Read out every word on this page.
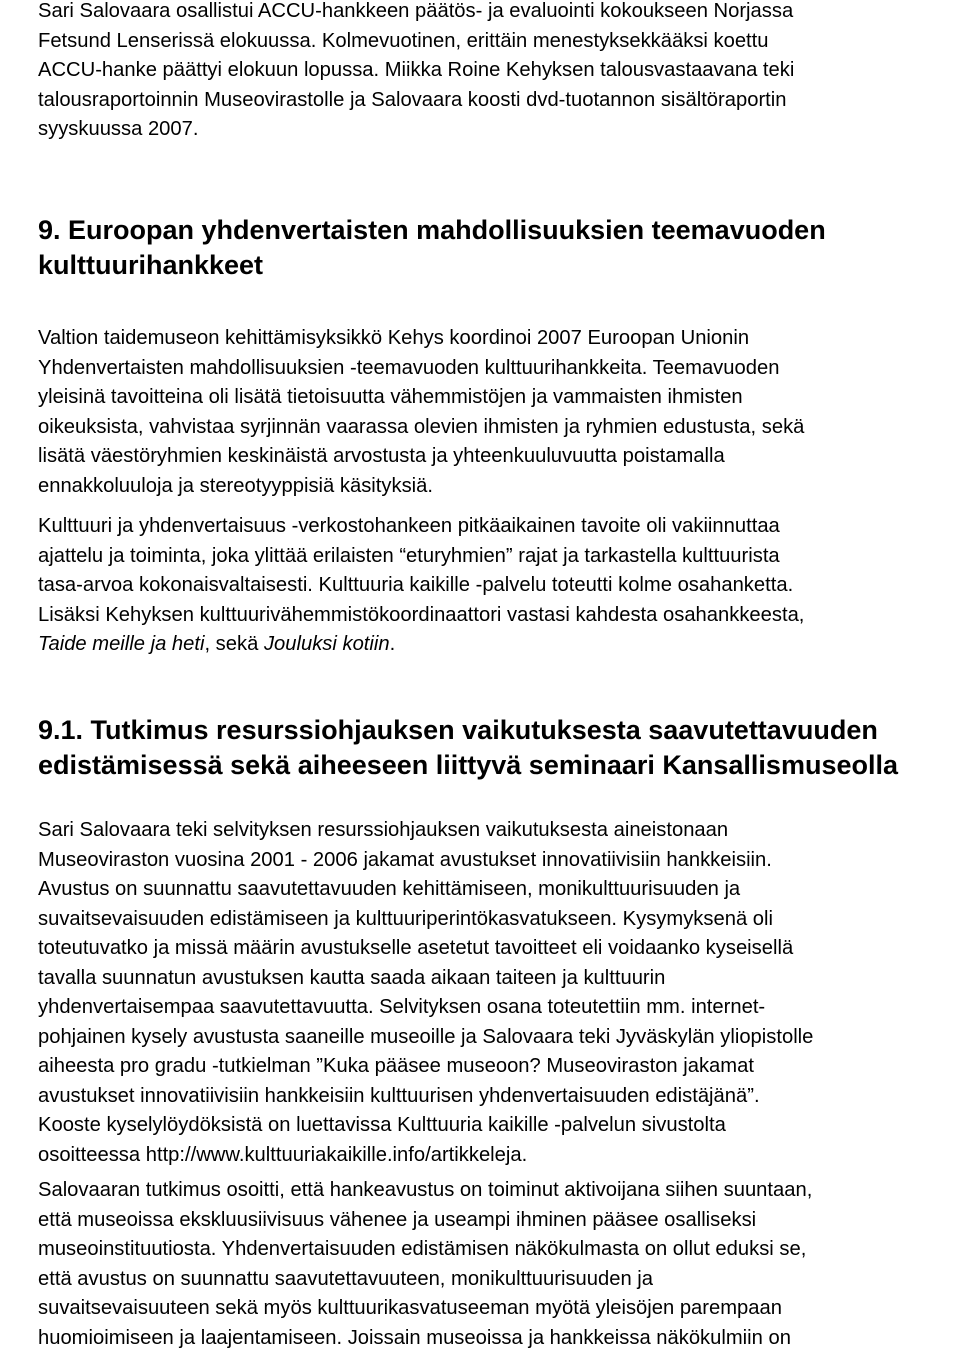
Sari Salovaara osallistui ACCU-hankkeen päätös- ja evaluointi kokoukseen Norjassa
Fetsund Lenserissä elokuussa. Kolmevuotinen, erittäin menestyksekkääksi koettu
ACCU-hanke päättyi elokuun lopussa. Miikka Roine Kehyksen talousvastaavana teki
talousraportoinnin Museovirastolle ja Salovaara koosti dvd-tuotannon sisältöraportin
syyskuussa 2007.

9. Euroopan yhdenvertaisten mahdollisuuksien teemavuoden
kulttuurihankkeet

Valtion taidemuseon kehittämisyksikkö Kehys koordinoi 2007 Euroopan Unionin
Yhdenvertaisten mahdollisuuksien -teemavuoden kulttuurihankkeita. Teemavuoden
yleisinä tavoitteina oli lisätä tietoisuutta vähemmistöjen ja vammaisten ihmisten
oikeuksista, vahvistaa syrjinnän vaarassa olevien ihmisten ja ryhmien edustusta, sekä
lisätä väestöryhmien keskinäistä arvostusta ja yhteenkuuluvuutta poistamalla
ennakkoluuloja ja stereotyyppisiä käsityksiä.

Kulttuuri ja yhdenvertaisuus -verkostohankeen pitkäaikainen tavoite oli vakiinnuttaa
ajattelu ja toiminta, joka ylittää erilaisten “eturyhmien” rajat ja tarkastella kulttuurista
tasa-arvoa kokonaisvaltaisesti. Kulttuuria kaikille -palvelu toteutti kolme osahanketta.
Lisäksi Kehyksen kulttuurivähemmistökoordinaattori vastasi kahdesta osahankkeesta,
Taide meille ja heti, sekä Jouluksi kotiin.

9.1. Tutkimus resurssiohjauksen vaikutuksesta saavutettavuuden
edistämisessä sekä aiheeseen liittyvä seminaari Kansallismuseolla

Sari Salovaara teki selvityksen resurssiohjauksen vaikutuksesta aineistonaan
Museoviraston vuosina 2001 - 2006 jakamat avustukset innovatiivisiin hankkeisiin.
Avustus on suunnattu saavutettavuuden kehittämiseen, monikulttuurisuuden ja
suvaitsevaisuuden edistämiseen ja kulttuuriperintökasvatukseen. Kysymyksenä oli
toteutuvatko ja missä määrin avustukselle asetetut tavoitteet eli voidaanko kyseisellä
tavalla suunnatun avustuksen kautta saada aikaan taiteen ja kulttuurin
yhdenvertaisempaa saavutettavuutta. Selvityksen osana toteutettiin mm. internet-
pohjainen kysely avustusta saaneille museoille ja Salovaara teki Jyväskylän yliopistolle
aiheesta pro gradu -tutkielman ”Kuka pääsee museoon? Museoviraston jakamat
avustukset innovatiivisiin hankkeisiin kulttuurisen yhdenvertaisuuden edistäjänä”.
Kooste kyselylöydöksistä on luettavissa Kulttuuria kaikille -palvelun sivustolta
osoitteessa http://www.kulttuuriakaikille.info/artikkeleja.

Salovaaran tutkimus osoitti, että hankeavustus on toiminut aktivoijana siihen suuntaan,
että museoissa ekskluusiivisuus vähenee ja useampi ihminen pääsee osalliseksi
museoinstituutiosta. Yhdenvertaisuuden edistämisen näkökulmasta on ollut eduksi se,
että avustus on suunnattu saavutettavuuteen, monikulttuurisuuden ja
suvaitsevaisuuteen sekä myös kulttuurikasvatuseeman myötä yleisöjen parempaan
huomioimiseen ja laajentamiseen. Joissain museoissa ja hankkeissa näkökulmiin on
